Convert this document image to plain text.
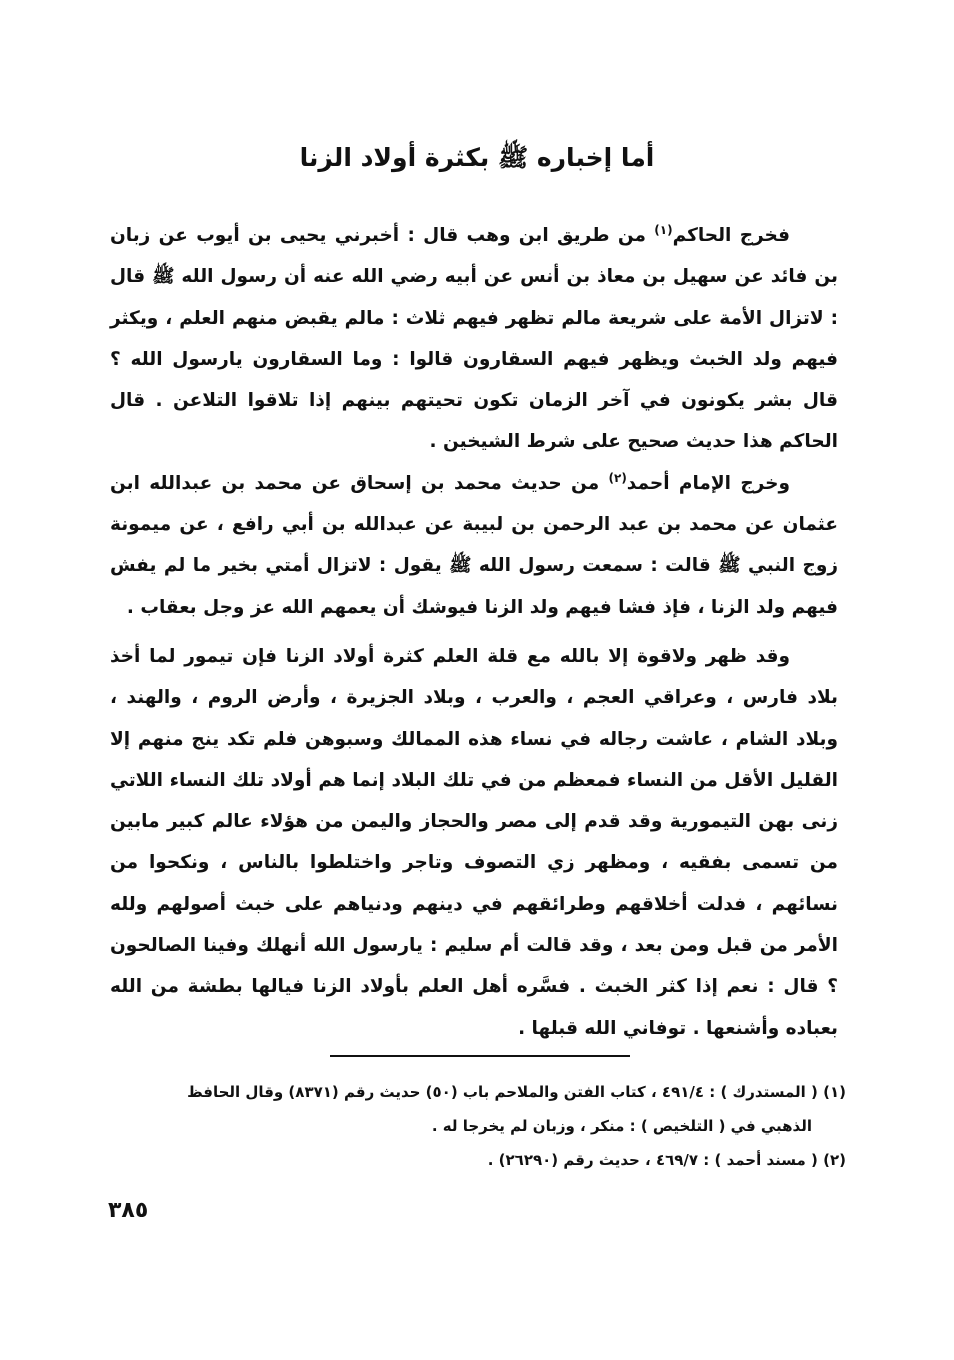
أما إخباره ﷺ بكثرة أولاد الزنا

فخرج الحاكم$^{(١)}$ من طريق ابن وهب قال : أخبرني يحيى بن أيوب عن زبان بن فائد عن سهيل بن معاذ بن أنس عن أبيه رضي الله عنه أن رسول الله ﷺ قال : لاتزال الأمة على شريعة مالم تظهر فيهم ثلاث : مالم يقبض منهم العلم ، ويكثر فيهم ولد الخبث ويظهر فيهم السقارون قالوا : وما السقارون يارسول الله ؟ قال بشر يكونون في آخر الزمان تكون تحيتهم بينهم إذا تلاقوا التلاعن . قال الحاكم هذا حديث صحيح على شرط الشيخين .

وخرج الإمام أحمد$^{(٢)}$ من حديث محمد بن إسحاق عن محمد بن عبدالله ابن عثمان عن محمد بن عبد الرحمن بن لبيبة عن عبدالله بن أبي رافع ، عن ميمونة زوج النبي ﷺ قالت : سمعت رسول الله ﷺ يقول : لاتزال أمتي بخير ما لم يفش فيهم ولد الزنا ، فإذ فشا فيهم ولد الزنا فيوشك أن يعمهم الله عز وجل بعقاب .

وقد ظهر ولاقوة إلا بالله مع قلة العلم كثرة أولاد الزنا فإن تيمور لما أخذ بلاد فارس ، وعراقي العجم ، والعرب ، وبلاد الجزيرة ، وأرض الروم ، والهند ، وبلاد الشام ، عاشت رجاله في نساء هذه الممالك وسبوهن فلم تكد ينج منهم إلا القليل الأقل من النساء فمعظم من في تلك البلاد إنما هم أولاد تلك النساء اللاتي زنى بهن التيمورية وقد قدم إلى مصر والحجاز واليمن من هؤلاء عالم كبير مابين من تسمى بفقيه ، ومظهر زي التصوف وتاجر واختلطوا بالناس ، ونكحوا من نسائهم ، فدلت أخلاقهم وطرائقهم في دينهم ودنياهم على خبث أصولهم ولله الأمر من قبل ومن بعد ، وقد قالت أم سليم : يارسول الله أنهلك وفينا الصالحون ؟ قال : نعم إذا كثر الخبث . فسَّره أهل العلم بأولاد الزنا فيالها بطشة من الله بعباده وأشنعها . توفاني الله قبلها .

(١) ( المستدرك ) : ٤٩١/٤ ، كتاب الفتن والملاحم باب (٥٠) حديث رقم (٨٣٧١) وقال الحافظ

الذهبي في ( التلخيص ) : منكر ، وزبان لم يخرجا له .

(٢) ( مسند أحمد ) : ٤٦٩/٧ ، حديث رقم (٢٦٢٩٠) .

٣٨٥
